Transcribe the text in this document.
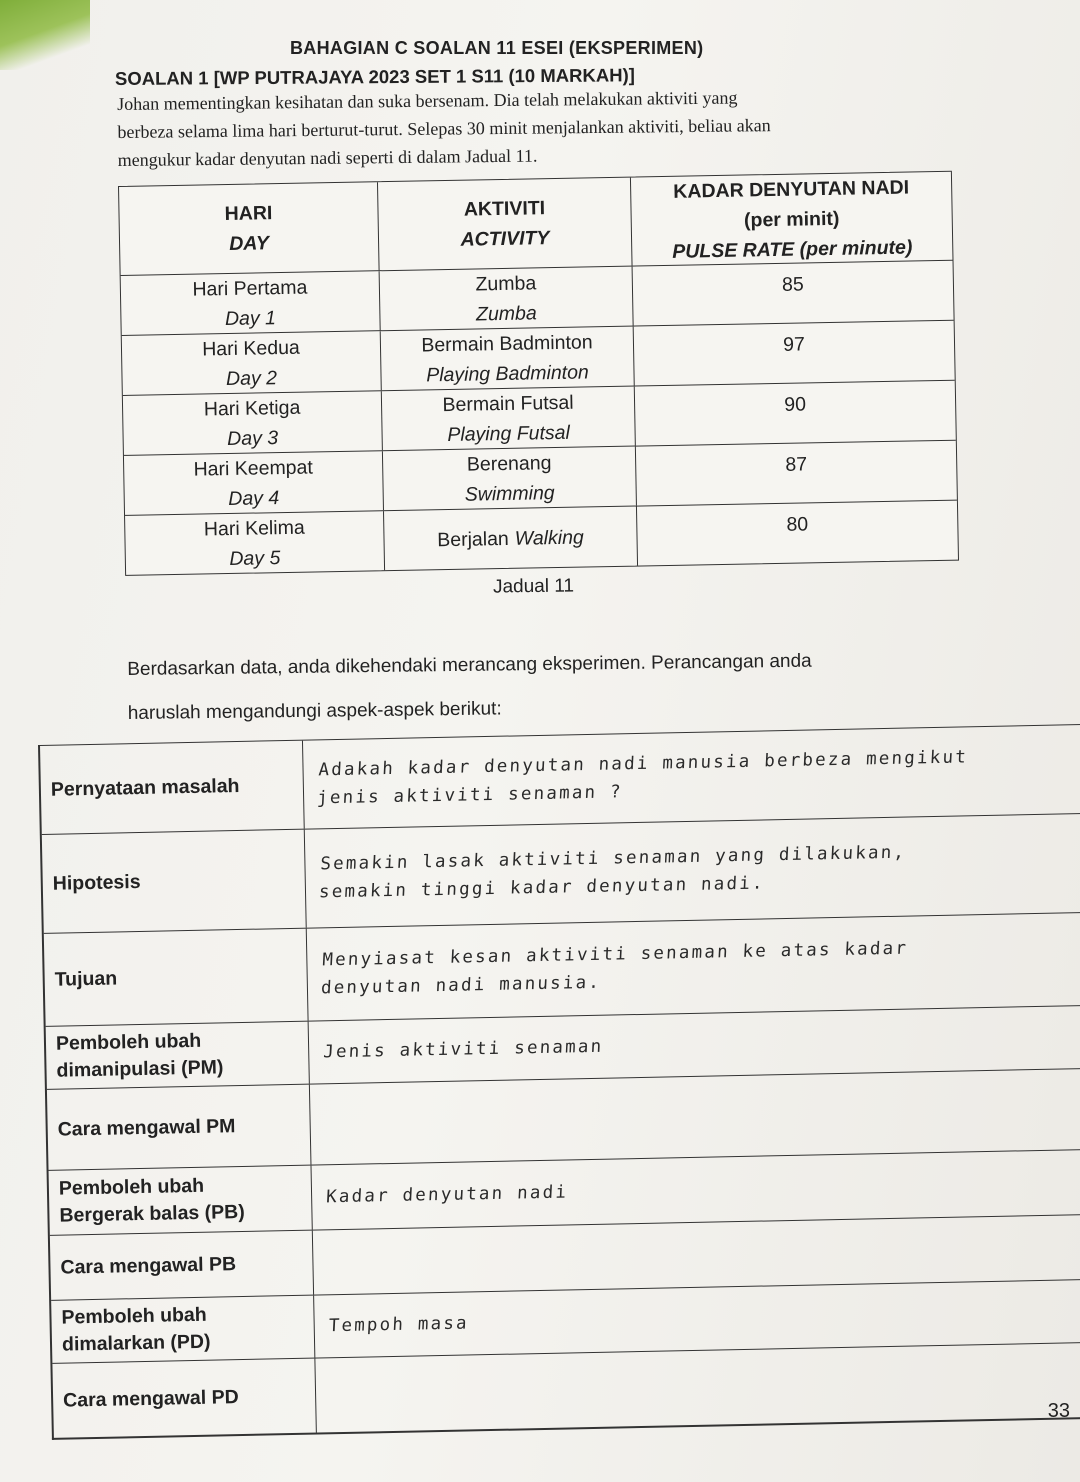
BAHAGIAN C SOALAN 11 ESEI (EKSPERIMEN)
SOALAN 1 [WP PUTRAJAYA 2023 SET 1 S11 (10 MARKAH)]

Johan mementingkan kesihatan dan suka bersenam. Dia telah melakukan aktiviti yang

berbeza selama lima hari berturut-turut. Selepas 30 minit menjalankan aktiviti, beliau akan

mengukur kadar denyutan nadi seperti di dalam Jadual 11.

HARI
DAY
AKTIVITI
ACTIVITY
KADAR DENYUTAN NADI
(per minit)
PULSE RATE (per minute)
Hari Pertama
Day 1
Zumba
Zumba
85
Hari Kedua
Day 2
Bermain Badminton
Playing Badminton
97
Hari Ketiga
Day 3
Bermain Futsal
Playing Futsal
90
Hari Keempat
Day 4
Berenang
Swimming
87
Hari Kelima
Day 5
Berjalan Walking
80
Jadual 11

Berdasarkan data, anda dikehendaki merancang eksperimen. Perancangan anda

haruslah mengandungi aspek-aspek berikut:

Pernyataan masalah
Adakah kadar denyutan nadi manusia berbeza mengikut
jenis aktiviti senaman ?
Hipotesis
Semakin lasak aktiviti senaman yang dilakukan,
semakin tinggi kadar denyutan nadi.
Tujuan
Menyiasat kesan aktiviti senaman ke atas kadar
denyutan nadi manusia.
Pemboleh ubah
dimanipulasi (PM)
Jenis aktiviti senaman
Cara mengawal PM
Pemboleh ubah
Bergerak balas (PB)
Kadar denyutan nadi
Cara mengawal PB
Pemboleh ubah
dimalarkan (PD)
Tempoh masa
Cara mengawal PD	33
